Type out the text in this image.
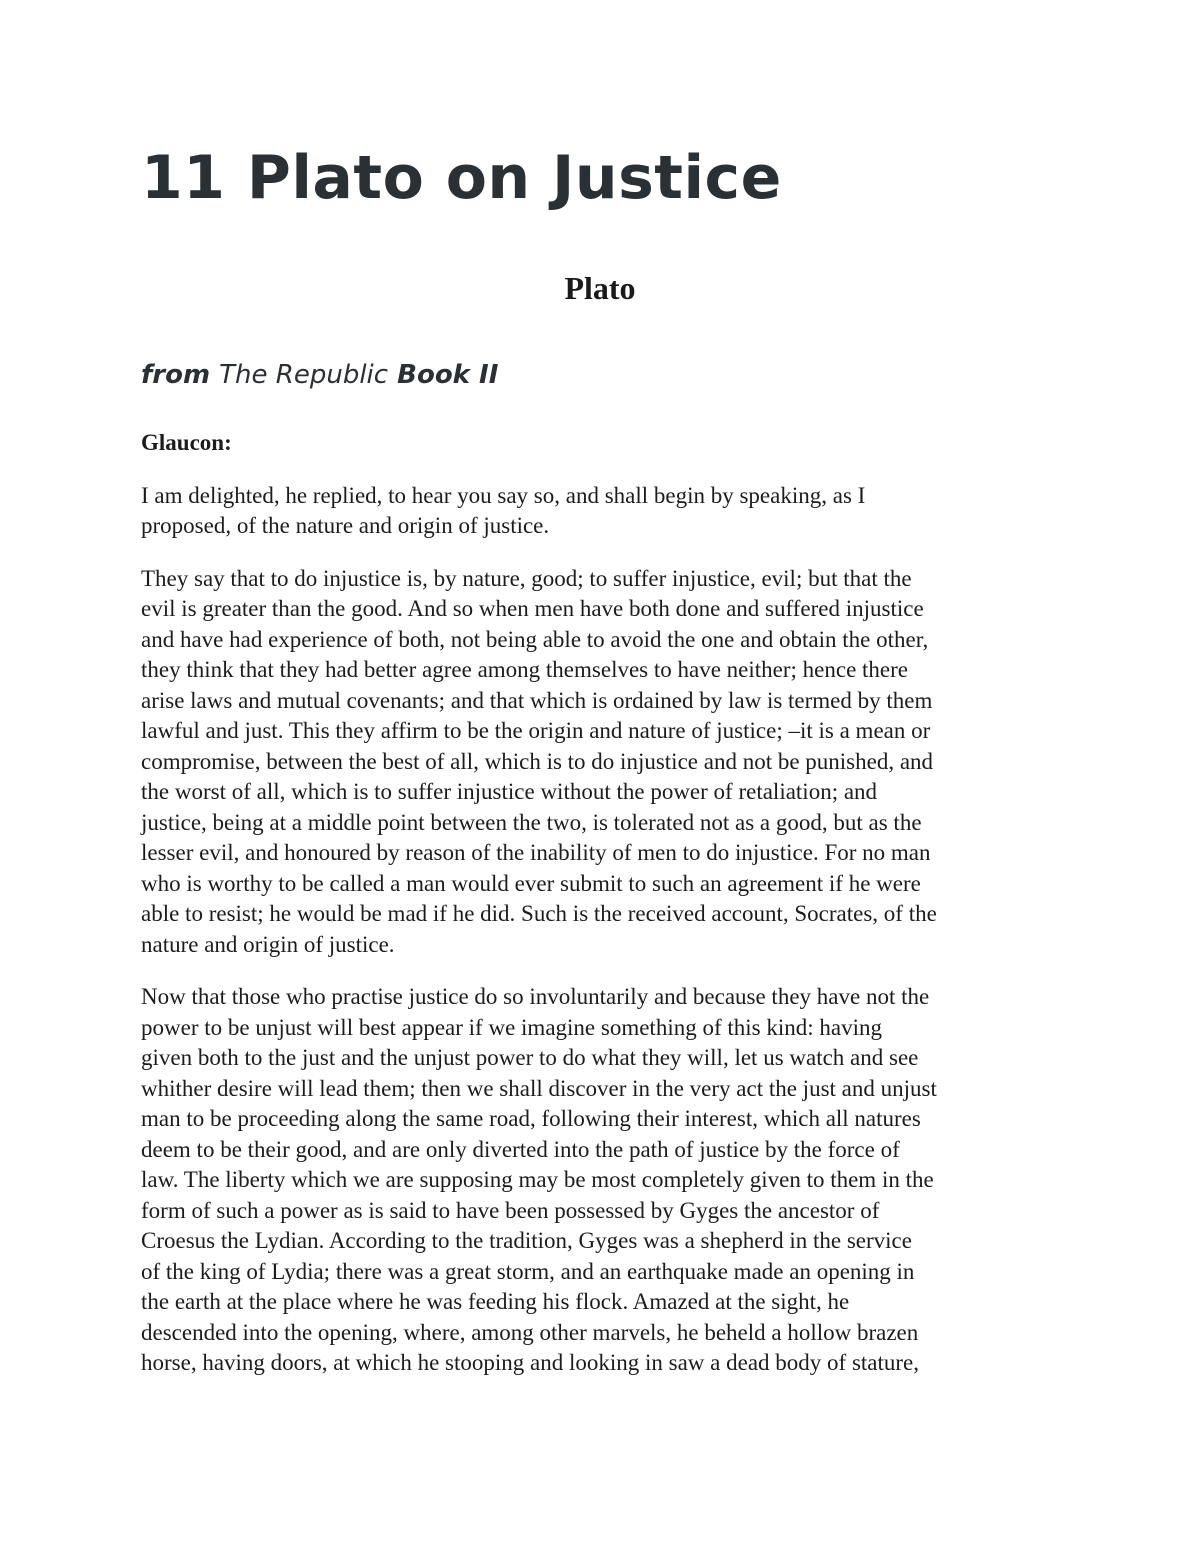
11 Plato on Justice
Plato
from The Republic Book II

Glaucon:

I am delighted, he replied, to hear you say so, and shall begin by speaking, as I
proposed, of the nature and origin of justice.

They say that to do injustice is, by nature, good; to suffer injustice, evil; but that the
evil is greater than the good. And so when men have both done and suffered injustice
and have had experience of both, not being able to avoid the one and obtain the other,
they think that they had better agree among themselves to have neither; hence there
arise laws and mutual covenants; and that which is ordained by law is termed by them
lawful and just. This they affirm to be the origin and nature of justice; –it is a mean or
compromise, between the best of all, which is to do injustice and not be punished, and
the worst of all, which is to suffer injustice without the power of retaliation; and
justice, being at a middle point between the two, is tolerated not as a good, but as the
lesser evil, and honoured by reason of the inability of men to do injustice. For no man
who is worthy to be called a man would ever submit to such an agreement if he were
able to resist; he would be mad if he did. Such is the received account, Socrates, of the
nature and origin of justice.

Now that those who practise justice do so involuntarily and because they have not the
power to be unjust will best appear if we imagine something of this kind: having
given both to the just and the unjust power to do what they will, let us watch and see
whither desire will lead them; then we shall discover in the very act the just and unjust
man to be proceeding along the same road, following their interest, which all natures
deem to be their good, and are only diverted into the path of justice by the force of
law. The liberty which we are supposing may be most completely given to them in the
form of such a power as is said to have been possessed by Gyges the ancestor of
Croesus the Lydian. According to the tradition, Gyges was a shepherd in the service
of the king of Lydia; there was a great storm, and an earthquake made an opening in
the earth at the place where he was feeding his flock. Amazed at the sight, he
descended into the opening, where, among other marvels, he beheld a hollow brazen
horse, having doors, at which he stooping and looking in saw a dead body of stature,
